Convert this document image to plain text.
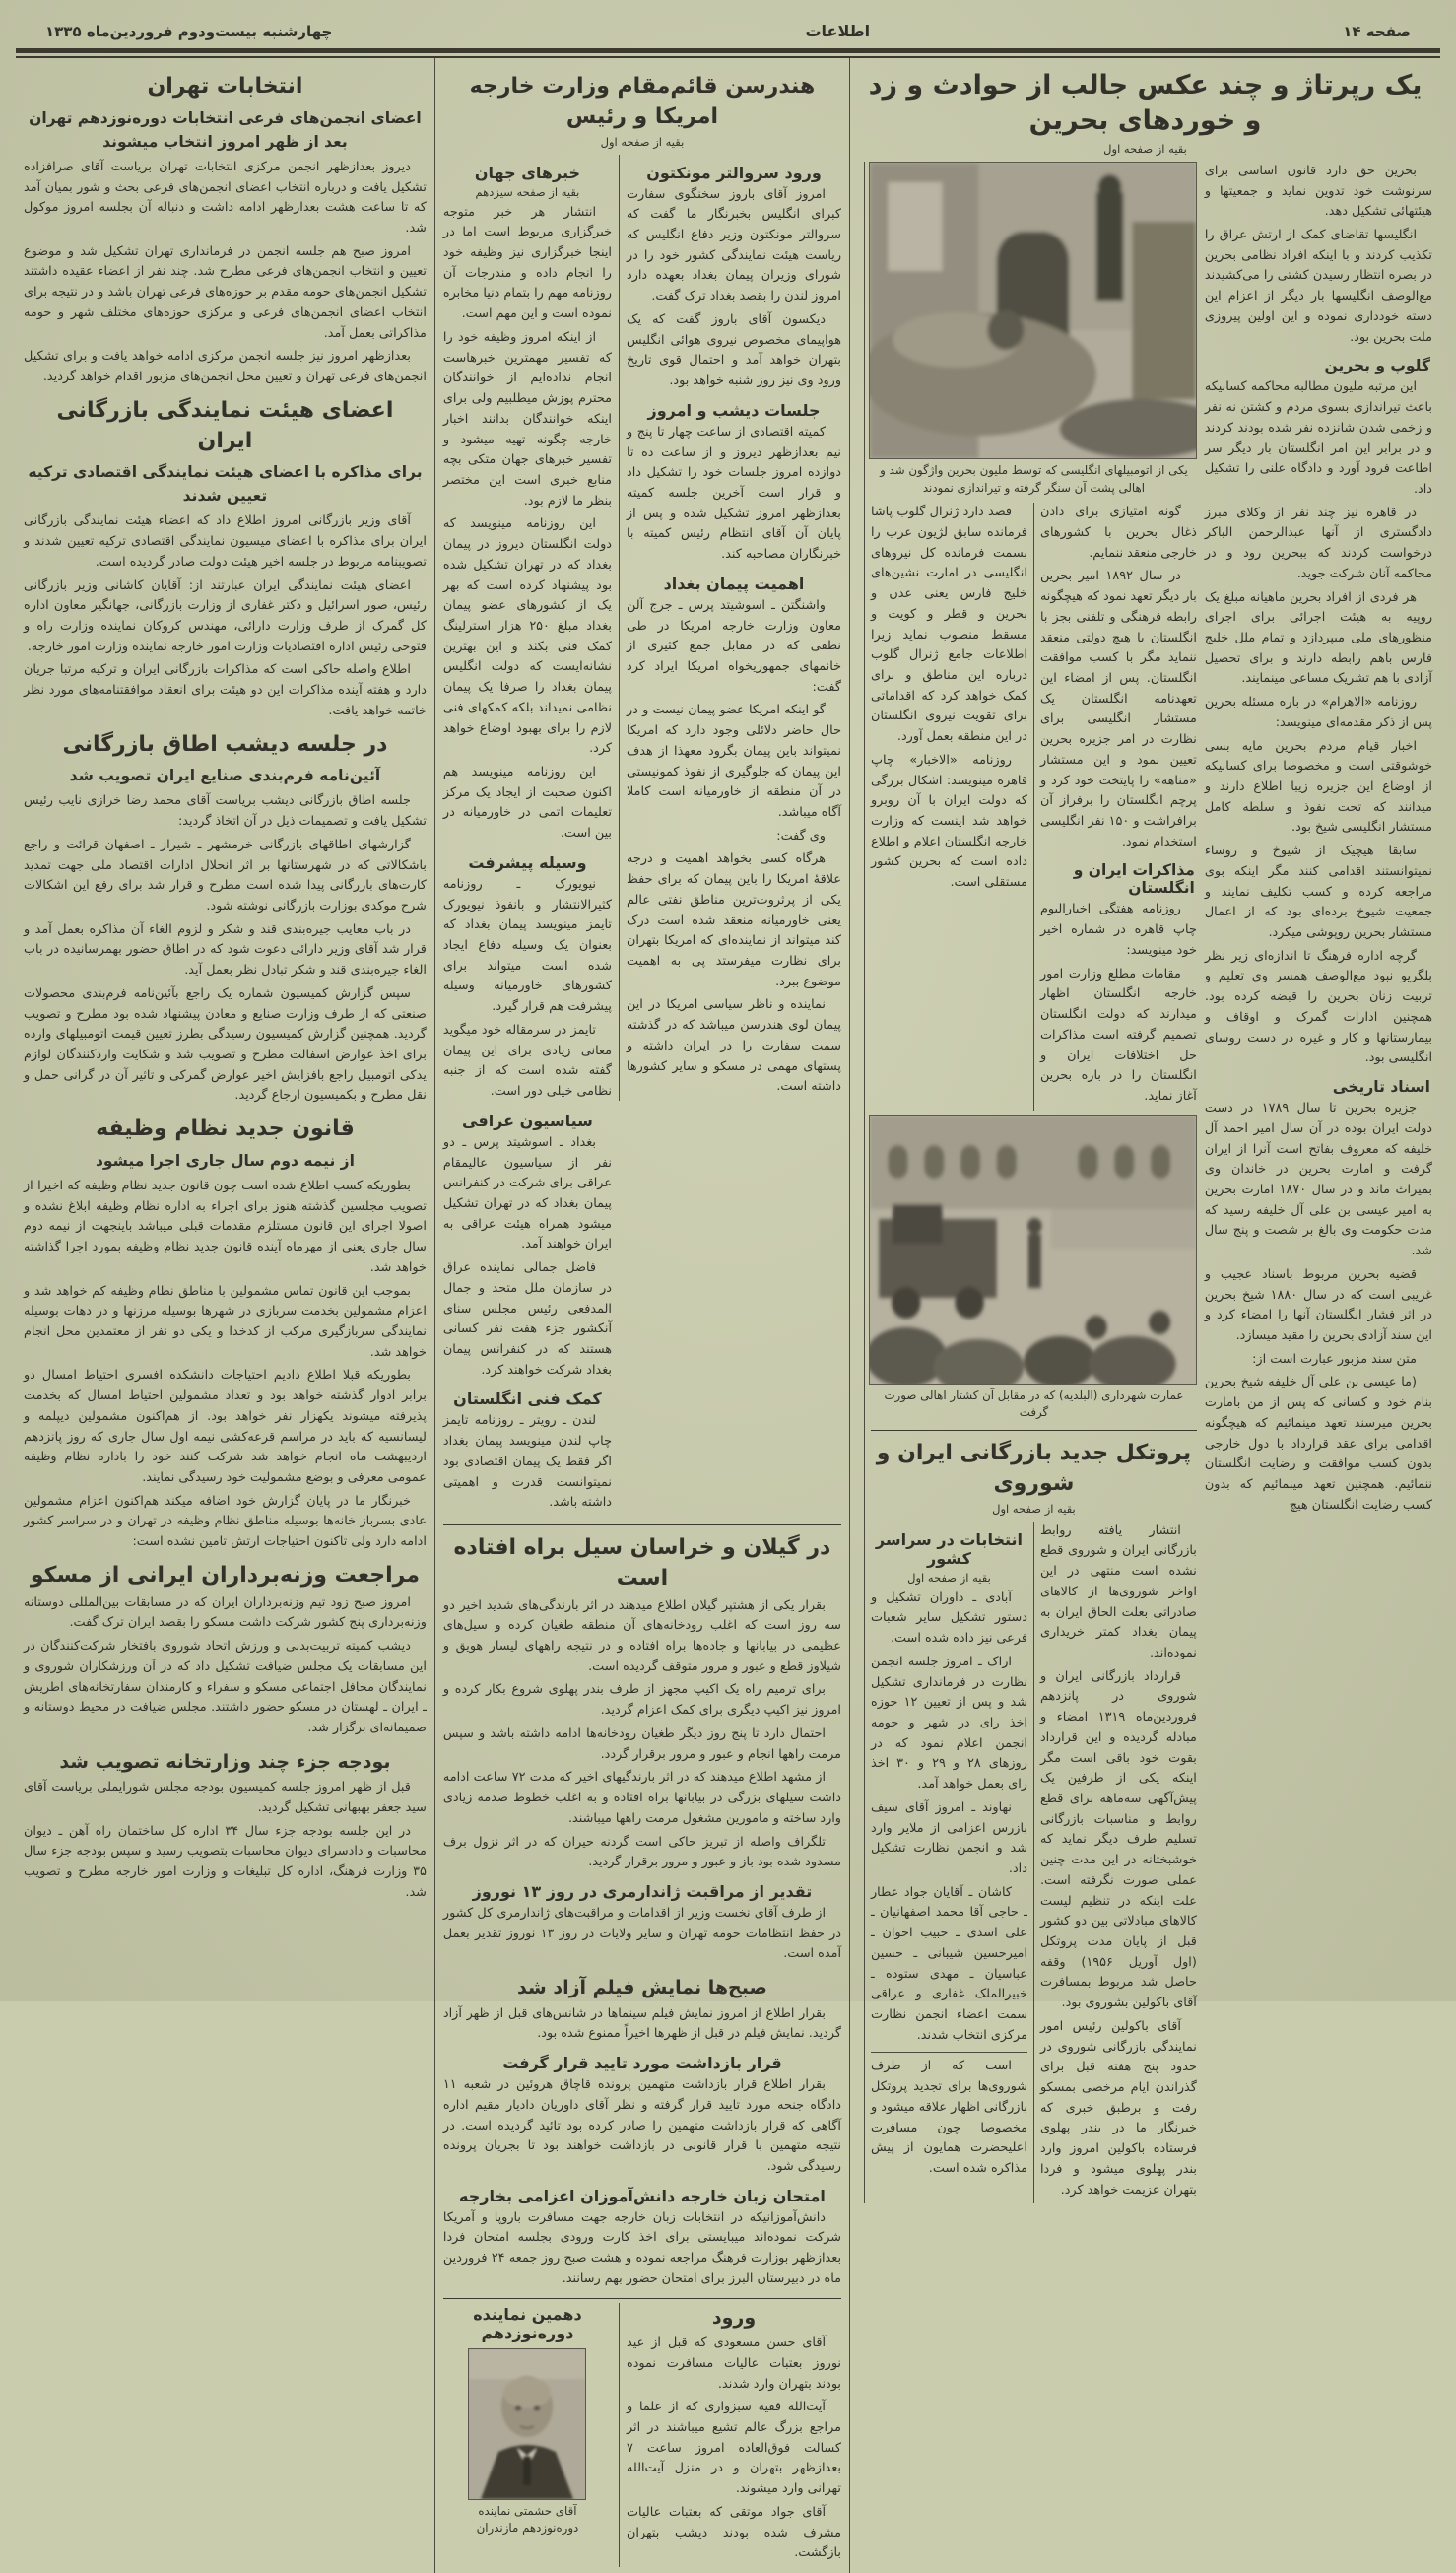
صفحه ۱۴
اطلاعات
چهارشنبه بیست‌ودوم فروردین‌ماه ۱۳۳۵
یک رپرتاژ و چند عکس جالب از حوادث و زد و خوردهای بحرین
بقیه از صفحه اول

بحرین حق دارد قانون اساسی برای سرنوشت خود تدوین نماید و جمعیتها و هیئتهائی تشکیل دهد.

انگلیسها تقاضای کمک از ارتش عراق را تکذیب کردند و با اینکه افراد نظامی بحرین در بصره انتظار رسیدن کشتی را می‌کشیدند مع‌الوصف انگلیسها بار دیگر از اعزام این دسته خودداری نموده و این اولین پیروزی ملت بحرین بود.

گلوپ و بحرین

این مرتبه ملیون مطالبه محاکمه کسانیکه باعث تیراندازی بسوی مردم و کشتن نه نفر و زخمی شدن شانزده نفر شده بودند کردند و در برابر این امر انگلستان بار دیگر سر اطاعت فرود آورد و دادگاه علنی را تشکیل داد.

در قاهره نیز چند نفر از وکلای مبرز دادگستری از آنها عبدالرحمن الباکر درخواست کردند که ببحرین رود و در محاکمه آنان شرکت جوید.

هر فردی از افراد بحرین ماهیانه مبلغ یک روپیه به هیئت اجرائی برای اجرای منظورهای ملی میپردازد و تمام ملل خلیج فارس باهم رابطه دارند و برای تحصیل آزادی با هم تشریک مساعی مینمایند.

روزنامه «الاهرام» در باره مسئله بحرین پس از ذکر مقدمه‌ای مینویسد:

اخبار قیام مردم بحرین مایه بسی خوشوقتی است و مخصوصا برای کسانیکه از اوضاع این جزیره زیبا اطلاع دارند و میدانند که تحت نفوذ و سلطه کامل مستشار انگلیسی شیخ بود.

سابقا هیچیک از شیوخ و روساء نمیتوانستند اقدامی کنند مگر اینکه بوی مراجعه کرده و کسب تکلیف نمایند و جمعیت شیوخ برده‌ای بود که از اعمال مستشار بحرین روپوشی میکرد.

گرچه اداره فرهنگ تا اندازه‌ای زیر نظر بلگریو نبود مع‌الوصف همسر وی تعلیم و تربیت زنان بحرین را قبضه کرده بود. همچنین ادارات گمرک و اوقاف و بیمارستانها و کار و غیره در دست روسای انگلیسی بود.

اسناد تاریخی

جزیره بحرین تا سال ۱۷۸۹ در دست دولت ایران بوده در آن سال امیر احمد آل خلیفه که معروف بفاتح است آنرا از ایران گرفت و امارت بحرین در خاندان وی بمیراث ماند و در سال ۱۸۷۰ امارت بحرین به امیر عیسی بن علی آل خلیفه رسید که مدت حکومت وی بالغ بر شصت و پنج سال شد.

قضیه بحرین مربوط باسناد عجیب و غریبی است که در سال ۱۸۸۰ شیخ بحرین در اثر فشار انگلستان آنها را امضاء کرد و این سند آزادی بحرین را مقید میسازد.

متن سند مزبور عبارت است از:

(ما عیسی بن علی آل خلیفه شیخ بحرین بنام خود و کسانی که پس از من بامارت بحرین میرسند تعهد مینمائیم که هیچگونه اقدامی برای عقد قرارداد با دول خارجی بدون کسب موافقت و رضایت انگلستان ننمائیم. همچنین تعهد مینمائیم که بدون کسب رضایت انگلستان هیچ

یکی از اتومبیلهای انگلیسی که توسط ملیون بحرین واژگون شد و اهالی پشت آن سنگر گرفته و تیراندازی نمودند

گونه امتیازی برای دادن ذغال بحرین با کشورهای خارجی منعقد ننمایم.

در سال ۱۸۹۲ امیر بحرین بار دیگر تعهد نمود که هیچگونه رابطه فرهنگی و تلفنی بجز با انگلستان با هیچ دولتی منعقد ننماید مگر با کسب موافقت انگلستان. پس از امضاء این تعهدنامه انگلستان یک مستشار انگلیسی برای نظارت در امر جزیره بحرین تعیین نمود و این مستشار «مناهه» را پایتخت خود کرد و پرچم انگلستان را برفراز آن برافراشت و ۱۵۰ نفر انگلیسی استخدام نمود.

مذاکرات ایران و انگلستان

روزنامه هفتگی اخبارالیوم چاپ قاهره در شماره اخیر خود مینویسد:

مقامات مطلع وزارت امور خارجه انگلستان اظهار میدارند که دولت انگلستان تصمیم گرفته است مذاکرات حل اختلافات ایران و انگلستان را در باره بحرین آغاز نماید.

قصد دارد ژنرال گلوب پاشا فرمانده سابق لژیون عرب را بسمت فرمانده کل نیروهای انگلیسی در امارت نشین‌های خلیج فارس یعنی عدن و بحرین و قطر و کویت و مسقط منصوب نماید زیرا اطلاعات جامع ژنرال گلوب درباره این مناطق و برای کمک خواهد کرد که اقداماتی برای تقویت نیروی انگلستان در این منطقه بعمل آورد.

روزنامه «الاخبار» چاپ قاهره مینویسد: اشکال بزرگی که دولت ایران با آن روبرو خواهد شد اینست که وزارت خارجه انگلستان اعلام و اطلاع داده است که بحرین کشور مستقلی است.

عمارت شهرداری (البلدیه) که در مقابل آن کشتار اهالی صورت گرفت
پروتکل جدید بازرگانی ایران و شوروی
بقیه از صفحه اول

انتشار یافته روابط بازرگانی ایران و شوروی قطع نشده است منتهی در این اواخر شوروی‌ها از کالاهای صادراتی بعلت الحاق ایران به پیمان بغداد کمتر خریداری نموده‌اند.

قرارداد بازرگانی ایران و شوروی در پانزدهم فروردین‌ماه ۱۳۱۹ امضاء و مبادله گردیده و این قرارداد بقوت خود باقی است مگر اینکه یکی از طرفین یک پیش‌آگهی سه‌ماهه برای قطع روابط و مناسبات بازرگانی تسلیم طرف دیگر نماید که خوشبختانه در این مدت چنین عملی صورت نگرفته است. علت اینکه در تنظیم لیست کالاهای مبادلاتی بین دو کشور قبل از پایان مدت پروتکل (اول آوریل ۱۹۵۶) وقفه حاصل شد مربوط بمسافرت آقای باکولین بشوروی بود.

آقای باکولین رئیس امور نمایندگی بازرگانی شوروی در حدود پنج هفته قبل برای گذراندن ایام مرخصی بمسکو رفت و برطبق خبری که خبرنگار ما در بندر پهلوی فرستاده باکولین امروز وارد بندر پهلوی میشود و فردا بتهران عزیمت خواهد کرد.

انتخابات در سراسر کشور
بقیه از صفحه اول

آبادی ـ داوران تشکیل و دستور تشکیل سایر شعبات فرعی نیز داده شده است.

اراک ـ امروز جلسه انجمن نظارت در فرمانداری تشکیل شد و پس از تعیین ۱۲ حوزه اخذ رای در شهر و حومه انجمن اعلام نمود که در روزهای ۲۸ و ۲۹ و ۳۰ اخذ رای بعمل خواهد آمد.

نهاوند ـ امروز آقای سیف بازرس اعزامی از ملایر وارد شد و انجمن نظارت تشکیل داد.

کاشان ـ آقایان جواد عطار ـ حاجی آقا محمد اصفهانیان ـ علی اسدی ـ حبیب اخوان ـ امیرحسین شیبانی ـ حسین عباسیان ـ مهدی ستوده ـ خبیرالملک غفاری و عراقی سمت اعضاء انجمن نظارت مرکزی انتخاب شدند.

است که از طرف شوروی‌ها برای تجدید پروتکل بازرگانی اظهار علاقه میشود و مخصوصا چون مسافرت اعلیحضرت همایون از پیش مذاکره شده است.

هندرسن قائم‌مقام وزارت خارجه امریکا و رئیس
بقیه از صفحه اول
ورود سروالتر مونکتون

امروز آقای باروز سخنگوی سفارت کبرای انگلیس بخبرنگار ما گفت که سروالتر مونکتون وزیر دفاع انگلیس که ریاست هیئت نمایندگی کشور خود را در شورای وزیران پیمان بغداد بعهده دارد امروز لندن را بقصد بغداد ترک گفت.

دیکسون آقای باروز گفت که یک هواپیمای مخصوص نیروی هوائی انگلیس بتهران خواهد آمد و احتمال قوی تاریخ ورود وی نیز روز شنبه خواهد بود.

جلسات دیشب و امروز

کمیته اقتصادی از ساعت چهار تا پنج و نیم بعدازظهر دیروز و از ساعت ده تا دوازده امروز جلسات خود را تشکیل داد و قرار است آخرین جلسه کمیته بعدازظهر امروز تشکیل شده و پس از پایان آن آقای انتظام رئیس کمیته با خبرنگاران مصاحبه کند.

اهمیت پیمان بغداد

واشنگتن ـ اسوشیتد پرس ـ جرج آلن معاون وزارت خارجه امریکا در طی نطقی که در مقابل جمع کثیری از خانمهای جمهوریخواه امریکا ایراد کرد گفت:

گو اینکه امریکا عضو پیمان نیست و در حال حاضر دلائلی وجود دارد که امریکا نمیتواند باین پیمان بگرود معهذا از هدف این پیمان که جلوگیری از نفوذ کمونیستی در آن منطقه از خاورمیانه است کاملا آگاه میباشد.

وی گفت:

هرگاه کسی بخواهد اهمیت و درجه علاقهٔ امریکا را باین پیمان که برای حفظ یکی از پرثروت‌ترین مناطق نفتی عالم یعنی خاورمیانه منعقد شده است درک کند میتواند از نماینده‌ای که امریکا بتهران برای نظارت میفرستد پی به اهمیت موضوع ببرد.

نماینده و ناظر سیاسی امریکا در این پیمان لوی هندرسن میباشد که در گذشته سمت سفارت را در ایران داشته و پستهای مهمی در مسکو و سایر کشورها داشته است.

خبرهای جهان
بقیه از صفحه سیزدهم

انتشار هر خبر متوجه خبرگزاری مربوط است اما در اینجا خبرگزاری نیز وظیفه خود را انجام داده و مندرجات آن روزنامه مهم را بتمام دنیا مخابره نموده است و این مهم است.

از اینکه امروز وظیفه خود را که تفسیر مهمترین خبرهاست انجام نداده‌ایم از خوانندگان محترم پوزش میطلبیم ولی برای اینکه خوانندگان بدانند اخبار خارجه چگونه تهیه میشود و تفسیر خبرهای جهان متکی بچه منابع خبری است این مختصر بنظر ما لازم بود.

این روزنامه مینویسد که دولت انگلستان دیروز در پیمان بغداد که در تهران تشکیل شده بود پیشنهاد کرده است که بهر یک از کشورهای عضو پیمان بغداد مبلغ ۲۵۰ هزار استرلینگ کمک فنی بکند و این بهترین نشانه‌ایست که دولت انگلیس پیمان بغداد را صرفا یک پیمان نظامی نمیداند بلکه کمکهای فنی لازم را برای بهبود اوضاع خواهد کرد.

این روزنامه مینویسد هم اکنون صحبت از ایجاد یک مرکز تعلیمات اتمی در خاورمیانه در بین است.

وسیله پیشرفت

نیویورک ـ روزنامه کثیرالانتشار و بانفوذ نیویورک تایمز مینویسد پیمان بغداد که بعنوان یک وسیله دفاع ایجاد شده است میتواند برای کشورهای خاورمیانه وسیله پیشرفت هم قرار گیرد.

تایمز در سرمقاله خود میگوید معانی زیادی برای این پیمان گفته شده است که از جنبه نظامی خیلی دور است.

سیاسیون عراقی

بغداد ـ اسوشیتد پرس ـ دو نفر از سیاسیون عالیمقام عراقی برای شرکت در کنفرانس پیمان بغداد که در تهران تشکیل میشود همراه هیئت عراقی به ایران خواهند آمد.

فاضل جمالی نماینده عراق در سازمان ملل متحد و جمال المدفعی رئیس مجلس سنای آنکشور جزء هفت نفر کسانی هستند که در کنفرانس پیمان بغداد شرکت خواهند کرد.

کمک فنی انگلستان

لندن ـ رویتر ـ روزنامه تایمز چاپ لندن مینویسد پیمان بغداد اگر فقط یک پیمان اقتصادی بود نمیتوانست قدرت و اهمیتی داشته باشد.

در گیلان و خراسان سیل براه افتاده است

بقرار یکی از هشتپر گیلان اطلاع میدهند در اثر بارندگی‌های شدید اخیر دو سه روز است که اغلب رودخانه‌های آن منطقه طغیان کرده و سیل‌های عظیمی در بیابانها و جاده‌ها براه افتاده و در نتیجه راههای لیسار هویق و شیلاوز قطع و عبور و مرور متوقف گردیده است.

برای ترمیم راه یک اکیپ مجهز از طرف بندر پهلوی شروع بکار کرده و امروز نیز اکیپ دیگری برای کمک اعزام گردید.

احتمال دارد تا پنج روز دیگر طغیان رودخانه‌ها ادامه داشته باشد و سپس مرمت راهها انجام و عبور و مرور برقرار گردد.

از مشهد اطلاع میدهند که در اثر بارندگیهای اخیر که مدت ۷۲ ساعت ادامه داشت سیلهای بزرگی در بیابانها براه افتاده و به اغلب خطوط صدمه زیادی وارد ساخته و مامورین مشغول مرمت راهها میباشند.

تلگراف واصله از تبریز حاکی است گردنه حیران که در اثر نزول برف مسدود شده بود باز و عبور و مرور برقرار گردید.

تقدیر از مراقبت ژاندارمری در روز ۱۳ نوروز

از طرف آقای نخست وزیر از اقدامات و مراقبت‌های ژاندارمری کل کشور در حفظ انتظامات حومه تهران و سایر ولایات در روز ۱۳ نوروز تقدیر بعمل آمده است.

صبح‌ها نمایش فیلم آزاد شد

بقرار اطلاع از امروز نمایش فیلم سینماها در شانس‌های قبل از ظهر آزاد گردید. نمایش فیلم در قبل از ظهرها اخیراً ممنوع شده بود.

قرار بازداشت مورد تایید قرار گرفت

بقرار اطلاع قرار بازداشت متهمین پرونده قاچاق هروئین در شعبه ۱۱ دادگاه جنحه مورد تایید قرار گرفته و نظر آقای داوریان دادیار مقیم اداره آگاهی که قرار بازداشت متهمین را صادر کرده بود تائید گردیده است. در نتیجه متهمین با قرار قانونی در بازداشت خواهند بود تا بجریان پرونده رسیدگی شود.

امتحان زبان خارجه دانش‌آموزان اعزامی بخارجه

دانش‌آموزانیکه در انتخابات زبان خارجه جهت مسافرت باروپا و آمریکا شرکت نموده‌اند میبایستی برای اخذ کارت ورودی بجلسه امتحان فردا بعدازظهر بوزارت فرهنگ مراجعه نموده و هشت صبح روز جمعه ۲۴ فروردین ماه در دبیرستان البرز برای امتحان حضور بهم رسانند.

ورود

آقای حسن مسعودی که قبل از عید نوروز بعتبات عالیات مسافرت نموده بودند بتهران وارد شدند.

آیت‌الله فقیه سبزواری که از علما و مراجع بزرگ عالم تشیع میباشند در اثر کسالت فوق‌العاده امروز ساعت ۷ بعدازظهر بتهران و در منزل آیت‌الله تهرانی وارد میشوند.

آقای جواد موتقی که بعتبات عالیات مشرف شده بودند دیشب بتهران بازگشت.

دهمین نماینده دوره‌نوزدهم
آقای حشمتی نماینده دوره‌نوزدهم مازندران
انتخابات تهران
اعضای انجمن‌های فرعی انتخابات دوره‌نوزدهم تهران بعد از ظهر امروز انتخاب میشوند

دیروز بعدازظهر انجمن مرکزی انتخابات تهران بریاست آقای صرافزاده تشکیل یافت و درباره انتخاب اعضای انجمن‌های فرعی بحث و شور بمیان آمد که تا ساعت هشت بعدازظهر ادامه داشت و دنباله آن بجلسه امروز موکول شد.

امروز صبح هم جلسه انجمن در فرمانداری تهران تشکیل شد و موضوع تعیین و انتخاب انجمن‌های فرعی مطرح شد. چند نفر از اعضاء عقیده داشتند تشکیل انجمن‌های حومه مقدم بر حوزه‌های فرعی تهران باشد و در نتیجه برای انتخاب اعضای انجمن‌های فرعی و مرکزی حوزه‌های مختلف شهر و حومه مذاکراتی بعمل آمد.

بعدازظهر امروز نیز جلسه انجمن مرکزی ادامه خواهد یافت و برای تشکیل انجمن‌های فرعی تهران و تعیین محل انجمن‌های مزبور اقدام خواهد گردید.

اعضای هیئت نمایندگی بازرگانی ایران
برای مذاکره با اعضای هیئت نمایندگی اقتصادی ترکیه تعیین شدند

آقای وزیر بازرگانی امروز اطلاع داد که اعضاء هیئت نمایندگی بازرگانی ایران برای مذاکره با اعضای میسیون نمایندگی اقتصادی ترکیه تعیین شدند و تصویبنامه مربوط در جلسه اخیر هیئت دولت صادر گردیده است.

اعضای هیئت نمایندگی ایران عبارتند از: آقایان کاشانی وزیر بازرگانی رئیس، صور اسرائیل و دکتر غفاری از وزارت بازرگانی، جهانگیر معاون اداره کل گمرک از طرف وزارت دارائی، مهندس کروکان نماینده وزارت راه و فتوحی رئیس اداره اقتصادیات وزارت امور خارجه نماینده وزارت امور خارجه.

اطلاع واصله حاکی است که مذاکرات بازرگانی ایران و ترکیه مرتبا جریان دارد و هفته آینده مذاکرات این دو هیئت برای انعقاد موافقتنامه‌های مورد نظر خاتمه خواهد یافت.

در جلسه دیشب اطاق بازرگانی
آئین‌نامه فرم‌بندی صنایع ایران تصویب شد

جلسه اطاق بازرگانی دیشب بریاست آقای محمد رضا خرازی نایب رئیس تشکیل یافت و تصمیمات ذیل در آن اتخاذ گردید:

گزارشهای اطاقهای بازرگانی خرمشهر ـ شیراز ـ اصفهان قرائت و راجع باشکالاتی که در شهرستانها بر اثر انحلال ادارات اقتصاد ملی جهت تمدید کارت‌های بازرگانی پیدا شده است مطرح و قرار شد برای رفع این اشکالات شرح موکدی بوزارت بازرگانی نوشته شود.

در باب معایب جیره‌بندی قند و شکر و لزوم الغاء آن مذاکره بعمل آمد و قرار شد آقای وزیر دارائی دعوت شود که در اطاق حضور بهمرسانیده در باب الغاء جیره‌بندی قند و شکر تبادل نظر بعمل آید.

سپس گزارش کمیسیون شماره یک راجع بآئین‌نامه فرم‌بندی محصولات صنعتی که از طرف وزارت صنایع و معادن پیشنهاد شده بود مطرح و تصویب گردید. همچنین گزارش کمیسیون رسیدگی بطرز تعیین قیمت اتومبیلهای وارده برای اخذ عوارض اسفالت مطرح و تصویب شد و شکایت واردکنندگان لوازم یدکی اتومبیل راجع بافزایش اخیر عوارض گمرکی و تاثیر آن در گرانی حمل و نقل مطرح و بکمیسیون ارجاع گردید.

قانون جدید نظام وظیفه
از نیمه دوم سال جاری اجرا میشود

بطوریکه کسب اطلاع شده است چون قانون جدید نظام وظیفه که اخیرا از تصویب مجلسین گذشته هنوز برای اجراء به اداره نظام وظیفه ابلاغ نشده و اصولا اجرای این قانون مستلزم مقدمات قبلی میباشد باینجهت از نیمه دوم سال جاری یعنی از مهرماه آینده قانون جدید نظام وظیفه بمورد اجرا گذاشته خواهد شد.

بموجب این قانون تماس مشمولین با مناطق نظام وظیفه کم خواهد شد و اعزام مشمولین بخدمت سربازی در شهرها بوسیله مرزنها و در دهات بوسیله نمایندگی سربازگیری مرکب از کدخدا و یکی دو نفر از معتمدین محل انجام خواهد شد.

بطوریکه قبلا اطلاع دادیم احتیاجات دانشکده افسری احتیاط امسال دو برابر ادوار گذشته خواهد بود و تعداد مشمولین احتیاط امسال که بخدمت پذیرفته میشوند یکهزار نفر خواهد بود. از هم‌اکنون مشمولین دیپلمه و لیسانسیه که باید در مراسم قرعه‌کشی نیمه اول سال جاری که روز پانزدهم اردیبهشت ماه انجام خواهد شد شرکت کنند خود را باداره نظام وظیفه عمومی معرفی و بوضع مشمولیت خود رسیدگی نمایند.

خبرنگار ما در پایان گزارش خود اضافه میکند هم‌اکنون اعزام مشمولین عادی بسرباز خانه‌ها بوسیله مناطق نظام وظیفه در تهران و در سراسر کشور ادامه دارد ولی تاکنون احتیاجات ارتش تامین نشده است:

مراجعت وزنه‌برداران ایرانی از مسکو

امروز صبح زود تیم وزنه‌برداران ایران که در مسابقات بین‌المللی دوستانه وزنه‌برداری پنج کشور شرکت داشت مسکو را بقصد ایران ترک گفت.

دیشب کمیته تربیت‌بدنی و ورزش اتحاد شوروی بافتخار شرکت‌کنندگان در این مسابقات یک مجلس ضیافت تشکیل داد که در آن ورزشکاران شوروی و نمایندگان محافل اجتماعی مسکو و سفراء و کارمندان سفارتخانه‌های اطریش ـ ایران ـ لهستان در مسکو حضور داشتند. مجلس ضیافت در محیط دوستانه و صمیمانه‌ای برگزار شد.

بودجه جزء چند وزارتخانه تصویب شد

قبل از ظهر امروز جلسه کمیسیون بودجه مجلس شورایملی بریاست آقای سید جعفر بهبهانی تشکیل گردید.

در این جلسه بودجه جزء سال ۳۴ اداره کل ساختمان راه آهن ـ دیوان محاسبات و دادسرای دیوان محاسبات بتصویب رسید و سپس بودجه جزء سال ۳۵ وزارت فرهنگ، اداره کل تبلیغات و وزارت امور خارجه مطرح و تصویب شد.
